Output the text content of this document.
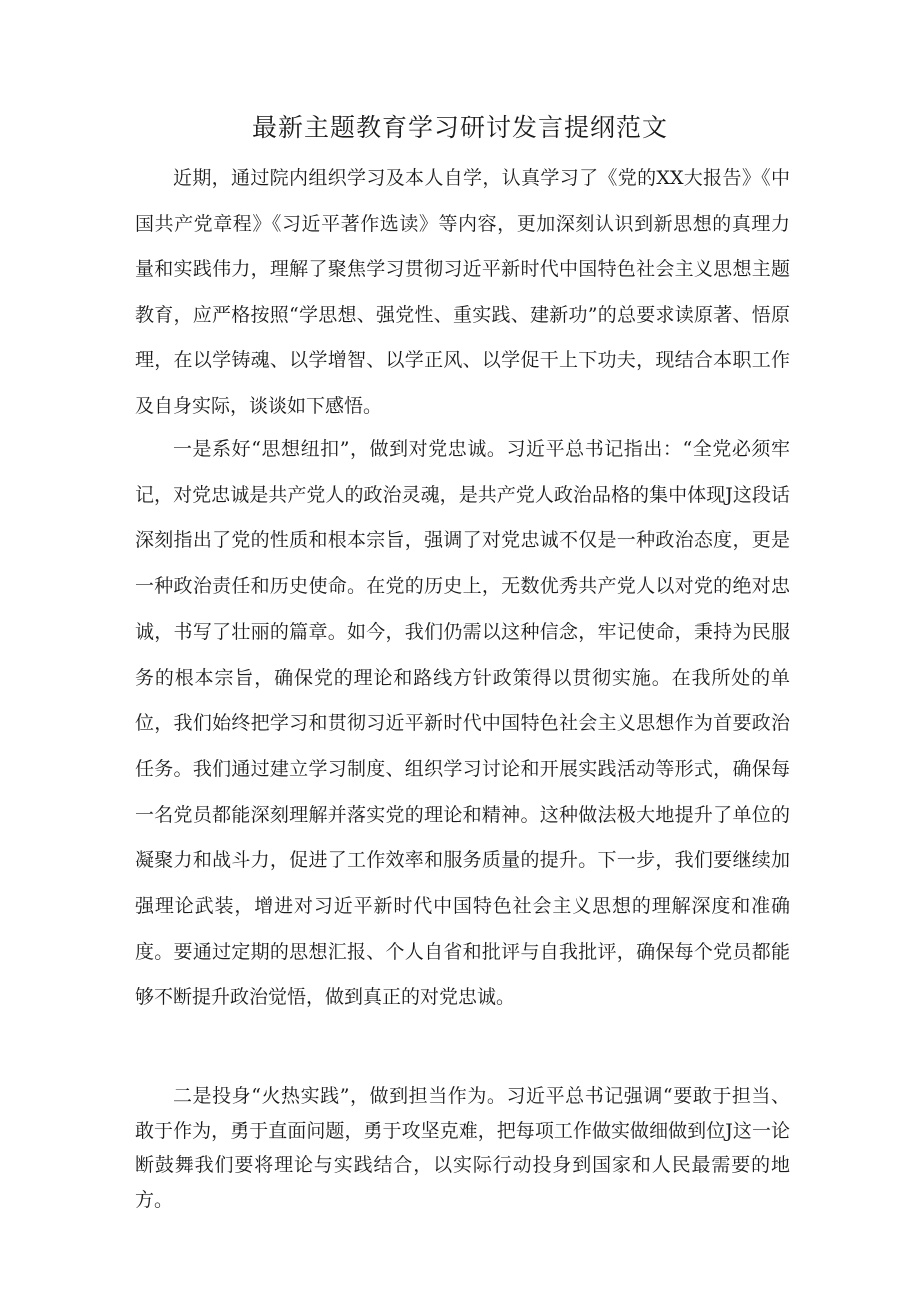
最新主题教育学习研讨发言提纲范文

近期，通过院内组织学习及本人自学，认真学习了《党的XX大报告》《中国共产党章程》《习近平著作选读》等内容，更加深刻认识到新思想的真理力量和实践伟力，理解了聚焦学习贯彻习近平新时代中国特色社会主义思想主题教育，应严格按照“学思想、强党性、重实践、建新功”的总要求读原著、悟原理，在以学铸魂、以学增智、以学正风、以学促干上下功夫，现结合本职工作及自身实际，谈谈如下感悟。

一是系好“思想纽扣”，做到对党忠诚。习近平总书记指出：“全党必须牢记，对党忠诚是共产党人的政治灵魂，是共产党人政治品格的集中体现J这段话深刻指出了党的性质和根本宗旨，强调了对党忠诚不仅是一种政治态度，更是一种政治责任和历史使命。在党的历史上，无数优秀共产党人以对党的绝对忠诚，书写了壮丽的篇章。如今，我们仍需以这种信念，牢记使命，秉持为民服务的根本宗旨，确保党的理论和路线方针政策得以贯彻实施。在我所处的单位，我们始终把学习和贯彻习近平新时代中国特色社会主义思想作为首要政治任务。我们通过建立学习制度、组织学习讨论和开展实践活动等形式，确保每一名党员都能深刻理解并落实党的理论和精神。这种做法极大地提升了单位的凝聚力和战斗力，促进了工作效率和服务质量的提升。下一步，我们要继续加强理论武装，增进对习近平新时代中国特色社会主义思想的理解深度和准确度。要通过定期的思想汇报、个人自省和批评与自我批评，确保每个党员都能够不断提升政治觉悟，做到真正的对党忠诚。

二是投身“火热实践”，做到担当作为。习近平总书记强调“要敢于担当、敢于作为，勇于直面问题，勇于攻坚克难，把每项工作做实做细做到位J这一论断鼓舞我们要将理论与实践结合，以实际行动投身到国家和人民最需要的地方。
